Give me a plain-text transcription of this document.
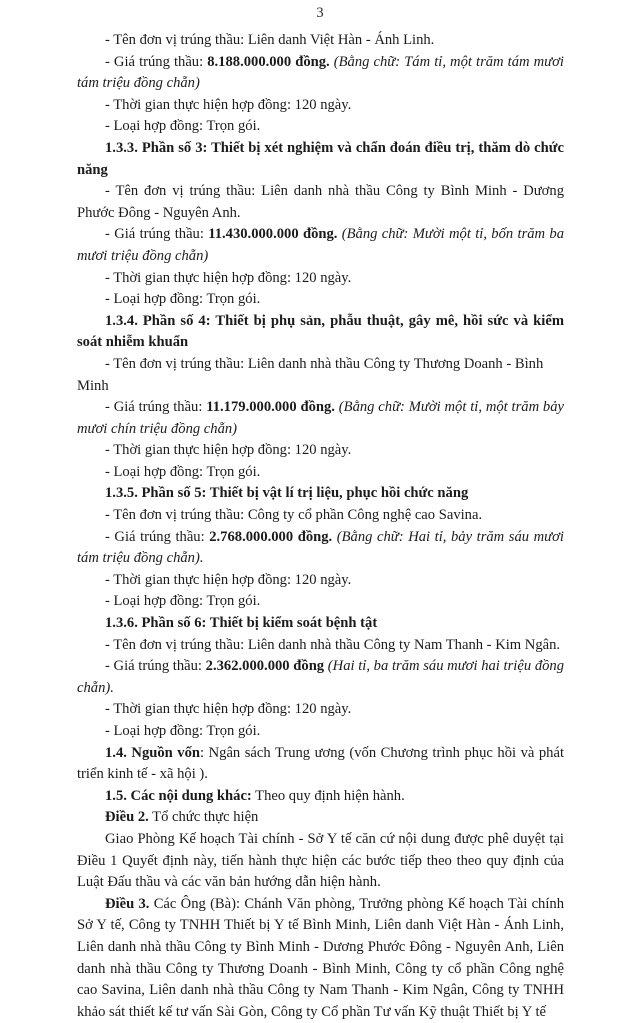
3

- Tên đơn vị trúng thầu: Liên danh Việt Hàn - Ánh Linh.

- Giá trúng thầu: 8.188.000.000 đồng. (Bằng chữ: Tám tỉ, một trăm tám mươi tám triệu đồng chẵn)

- Thời gian thực hiện hợp đồng: 120 ngày.

- Loại hợp đồng: Trọn gói.

1.3.3. Phần số 3: Thiết bị xét nghiệm và chẩn đoán điều trị, thăm dò chức năng

- Tên đơn vị trúng thầu: Liên danh nhà thầu Công ty Bình Minh - Dương Phước Đông - Nguyên Anh.

- Giá trúng thầu: 11.430.000.000 đồng. (Bằng chữ: Mười một tỉ, bốn trăm ba mươi triệu đồng chẵn)

- Thời gian thực hiện hợp đồng: 120 ngày.

- Loại hợp đồng: Trọn gói.

1.3.4. Phần số 4: Thiết bị phụ sản, phẫu thuật, gây mê, hồi sức và kiểm soát nhiễm khuẩn

- Tên đơn vị trúng thầu: Liên danh nhà thầu Công ty Thương Doanh - Bình Minh

- Giá trúng thầu: 11.179.000.000 đồng. (Bằng chữ: Mười một tỉ, một trăm bảy mươi chín triệu đồng chẵn)

- Thời gian thực hiện hợp đồng: 120 ngày.

- Loại hợp đồng: Trọn gói.

1.3.5. Phần số 5: Thiết bị vật lí trị liệu, phục hồi chức năng

- Tên đơn vị trúng thầu: Công ty cổ phần Công nghệ cao Savina.

- Giá trúng thầu: 2.768.000.000 đồng. (Bằng chữ: Hai tỉ, bảy trăm sáu mươi tám triệu đồng chẵn).

- Thời gian thực hiện hợp đồng: 120 ngày.

- Loại hợp đồng: Trọn gói.

1.3.6. Phần số 6: Thiết bị kiểm soát bệnh tật

- Tên đơn vị trúng thầu: Liên danh nhà thầu Công ty Nam Thanh - Kim Ngân.

- Giá trúng thầu: 2.362.000.000 đồng (Hai tỉ, ba trăm sáu mươi hai triệu đồng chẵn).

- Thời gian thực hiện hợp đồng: 120 ngày.

- Loại hợp đồng: Trọn gói.

1.4. Nguồn vốn: Ngân sách Trung ương (vốn Chương trình phục hồi và phát triển kinh tế - xã hội ).

1.5. Các nội dung khác: Theo quy định hiện hành.

Điều 2. Tổ chức thực hiện

Giao Phòng Kế hoạch Tài chính - Sở Y tế căn cứ nội dung được phê duyệt tại Điều 1 Quyết định này, tiến hành thực hiện các bước tiếp theo theo quy định của Luật Đấu thầu và các văn bản hướng dẫn hiện hành.

Điều 3. Các Ông (Bà): Chánh Văn phòng, Trưởng phòng Kế hoạch Tài chính Sở Y tế, Công ty TNHH Thiết bị Y tế Bình Minh, Liên danh Việt Hàn - Ánh Linh, Liên danh nhà thầu Công ty Bình Minh - Dương Phước Đông - Nguyên Anh, Liên danh nhà thầu Công ty Thương Doanh - Bình Minh, Công ty cổ phần Công nghệ cao Savina, Liên danh nhà thầu Công ty Nam Thanh - Kim Ngân, Công ty TNHH khảo sát thiết kế tư vấn Sài Gòn, Công ty Cổ phần Tư vấn Kỹ thuật Thiết bị Y tế
